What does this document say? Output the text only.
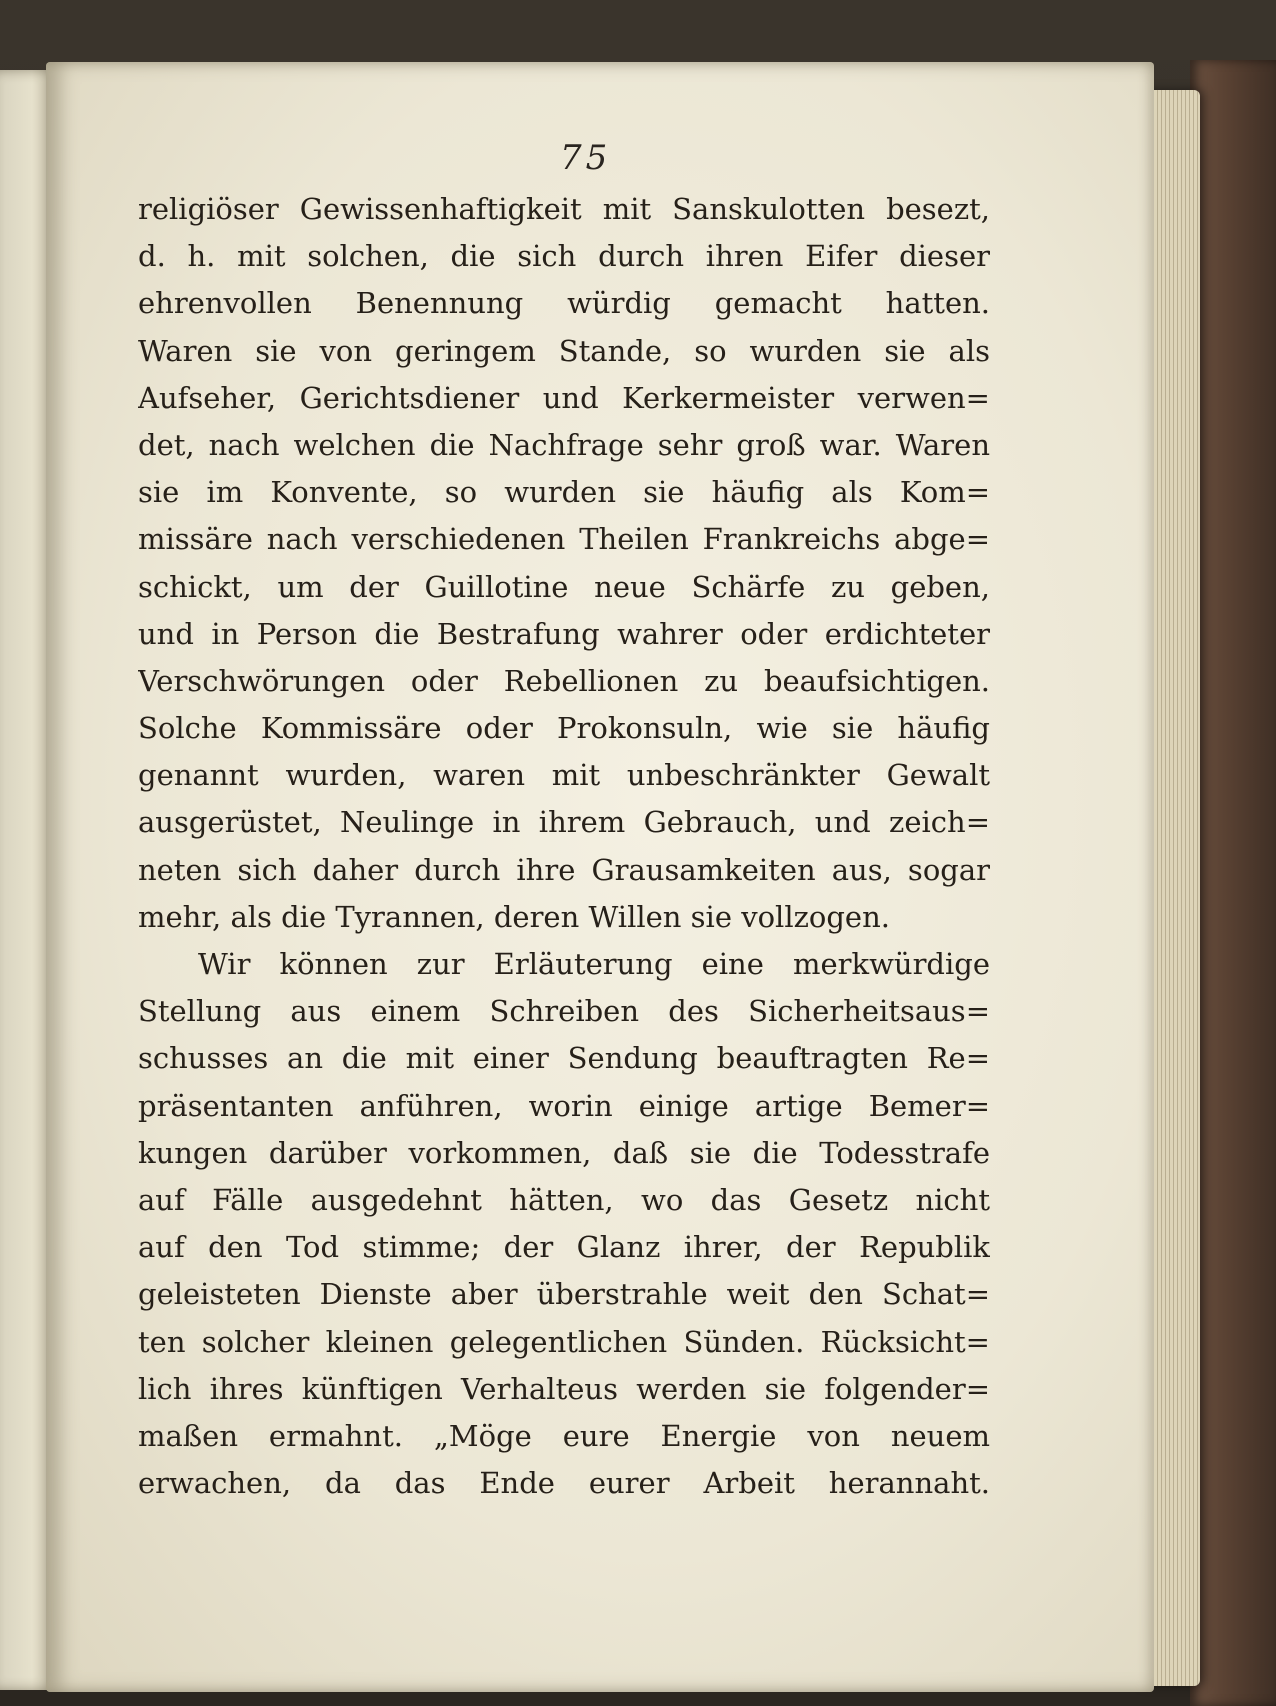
75
religiöser Gewissenhaftigkeit mit Sanskulotten besezt,
d. h. mit solchen, die sich durch ihren Eifer dieser
ehrenvollen Benennung würdig gemacht hatten.
Waren sie von geringem Stande, so wurden sie als
Aufseher, Gerichtsdiener und Kerkermeister verwen=
det, nach welchen die Nachfrage sehr groß war. Waren
sie im Konvente, so wurden sie häufig als Kom=
missäre nach verschiedenen Theilen Frankreichs abge=
schickt, um der Guillotine neue Schärfe zu geben,
und in Person die Bestrafung wahrer oder erdichteter
Verschwörungen oder Rebellionen zu beaufsichtigen.
Solche Kommissäre oder Prokonsuln, wie sie häufig
genannt wurden, waren mit unbeschränkter Gewalt
ausgerüstet, Neulinge in ihrem Gebrauch, und zeich=
neten sich daher durch ihre Grausamkeiten aus, sogar
mehr, als die Tyrannen, deren Willen sie vollzogen.
Wir können zur Erläuterung eine merkwürdige
Stellung aus einem Schreiben des Sicherheitsaus=
schusses an die mit einer Sendung beauftragten Re=
präsentanten anführen, worin einige artige Bemer=
kungen darüber vorkommen, daß sie die Todesstrafe
auf Fälle ausgedehnt hätten, wo das Gesetz nicht
auf den Tod stimme; der Glanz ihrer, der Republik
geleisteten Dienste aber überstrahle weit den Schat=
ten solcher kleinen gelegentlichen Sünden. Rücksicht=
lich ihres künftigen Verhalteus werden sie folgender=
maßen ermahnt. „Möge eure Energie von neuem
erwachen, da das Ende eurer Arbeit herannaht.
